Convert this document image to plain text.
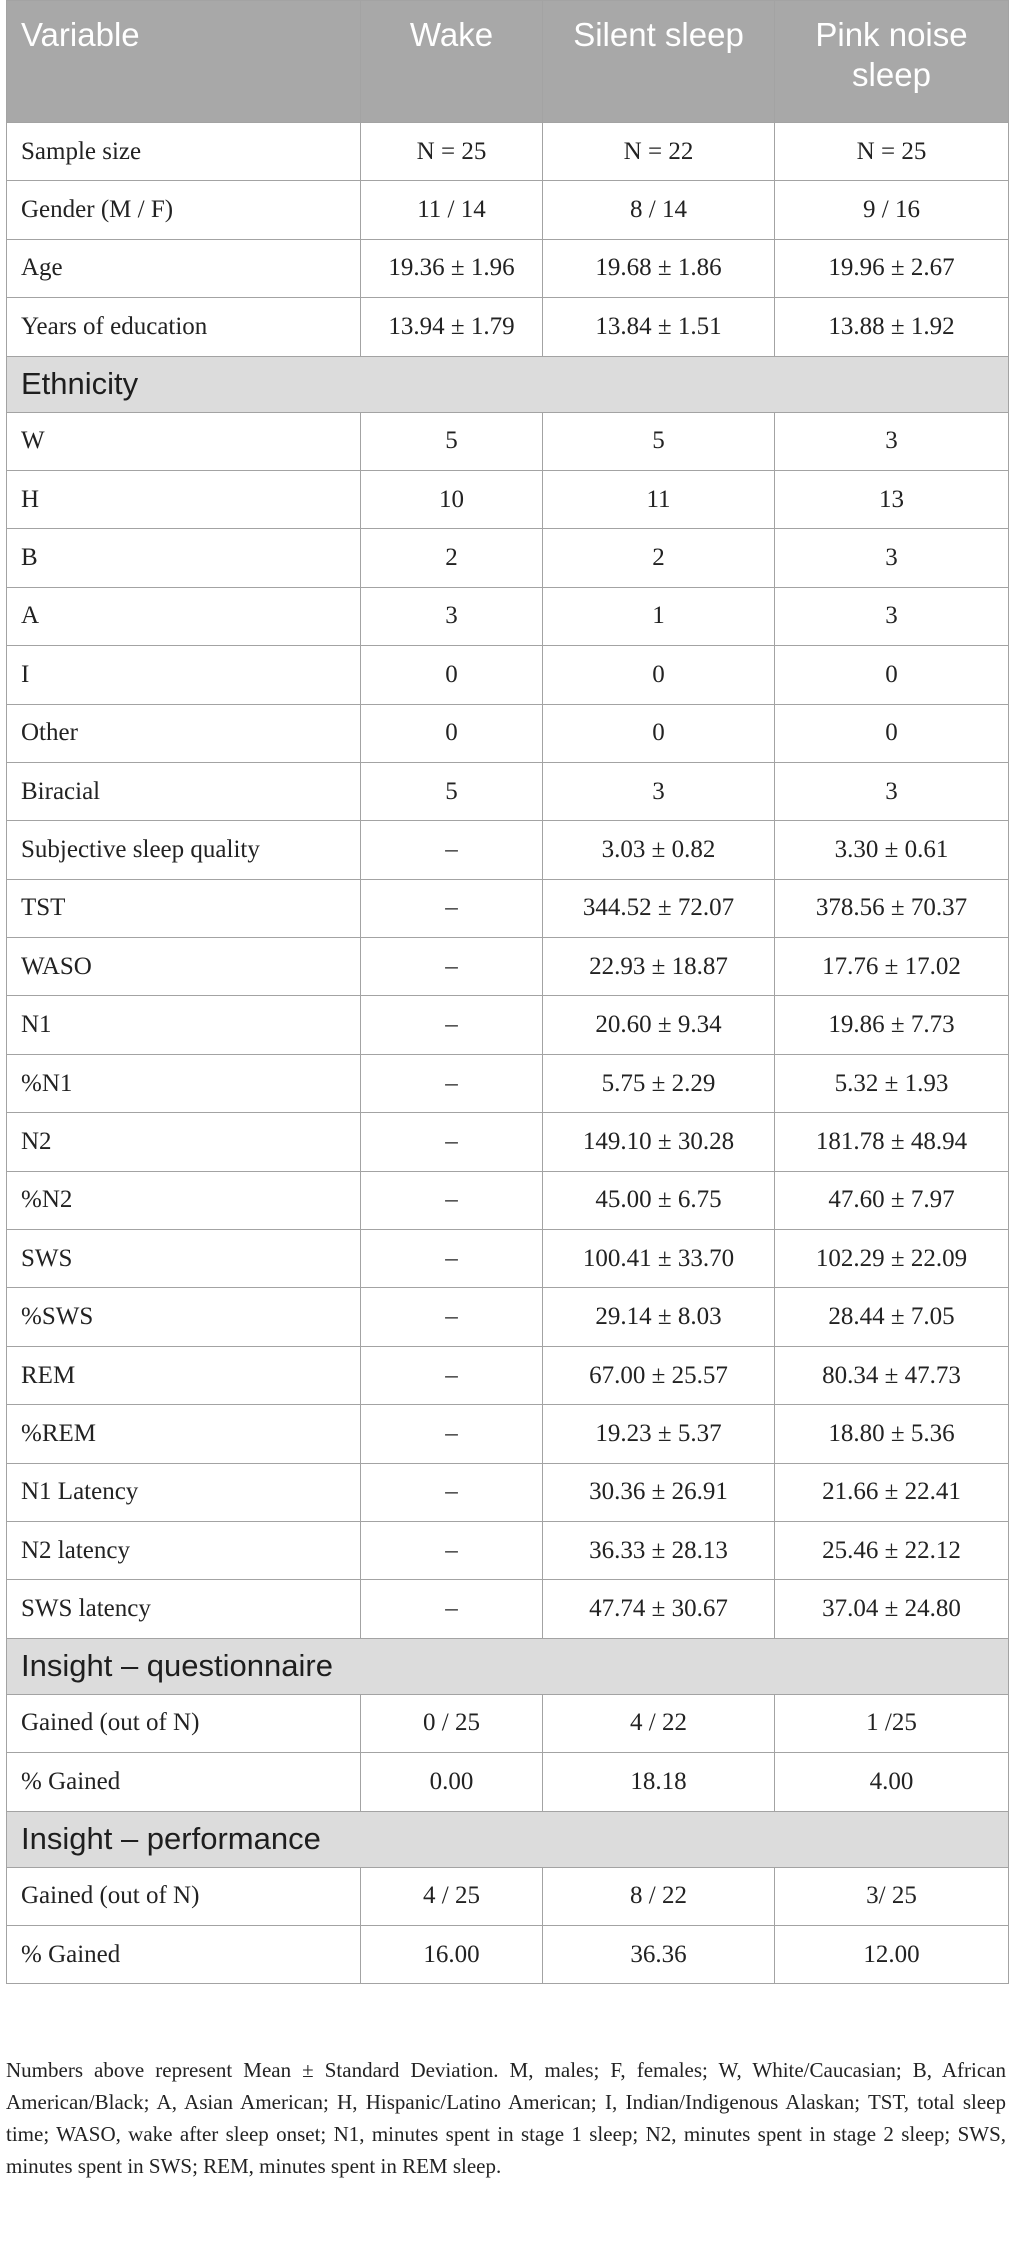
Variable	Wake	Silent sleep	Pink noise sleep
Sample size	N = 25	N = 22	N = 25
Gender (M / F)	11 / 14	8 / 14	9 / 16
Age	19.36 ± 1.96	19.68 ± 1.86	19.96 ± 2.67
Years of education	13.94 ± 1.79	13.84 ± 1.51	13.88 ± 1.92
Ethnicity			
W	5	5	3
H	10	11	13
B	2	2	3
A	3	1	3
I	0	0	0
Other	0	0	0
Biracial	5	3	3
Subjective sleep quality	–	3.03 ± 0.82	3.30 ± 0.61
TST	–	344.52 ± 72.07	378.56 ± 70.37
WASO	–	22.93 ± 18.87	17.76 ± 17.02
N1	–	20.60 ± 9.34	19.86 ± 7.73
%N1	–	5.75 ± 2.29	5.32 ± 1.93
N2	–	149.10 ± 30.28	181.78 ± 48.94
%N2	–	45.00 ± 6.75	47.60 ± 7.97
SWS	–	100.41 ± 33.70	102.29 ± 22.09
%SWS	–	29.14 ± 8.03	28.44 ± 7.05
REM	–	67.00 ± 25.57	80.34 ± 47.73
%REM	–	19.23 ± 5.37	18.80 ± 5.36
N1 Latency	–	30.36 ± 26.91	21.66 ± 22.41
N2 latency	–	36.33 ± 28.13	25.46 ± 22.12
SWS latency	–	47.74 ± 30.67	37.04 ± 24.80
Insight – questionnaire			
Gained (out of N)	0 / 25	4 / 22	1 /25
% Gained	0.00	18.18	4.00
Insight – performance			
Gained (out of N)	4 / 25	8 / 22	3/ 25
% Gained	16.00	36.36	12.00
Numbers above represent Mean ± Standard Deviation. M, males; F, females; W, White/Caucasian; B, African American/Black; A, Asian American; H, Hispanic/Latino American; I, Indian/Indigenous Alaskan; TST, total sleep time; WASO, wake after sleep onset; N1, minutes spent in stage 1 sleep; N2, minutes spent in stage 2 sleep; SWS, minutes spent in SWS; REM, minutes spent in REM sleep.
